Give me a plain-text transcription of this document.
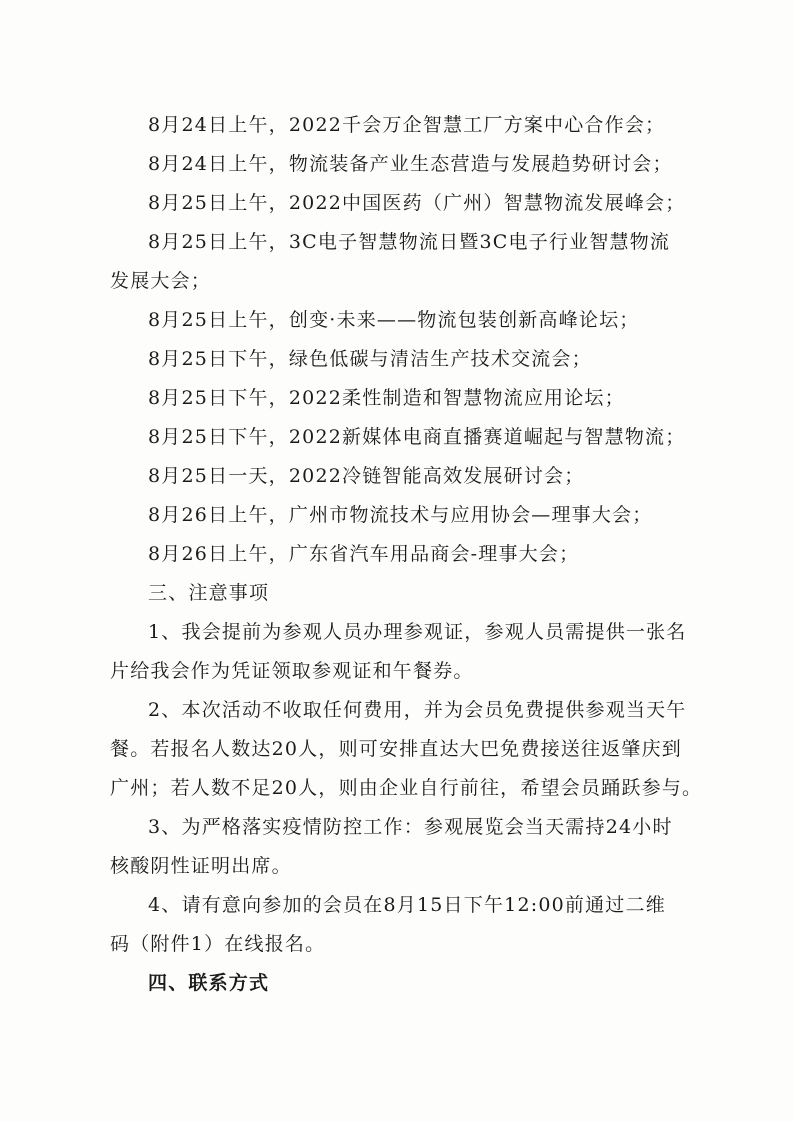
8月24日上午，2022千会万企智慧工厂方案中心合作会；
8月24日上午，物流装备产业生态营造与发展趋势研讨会；
8月25日上午，2022中国医药（广州）智慧物流发展峰会；
8月25日上午，3C电子智慧物流日暨3C电子行业智慧物流
发展大会；
8月25日上午，创变·未来——物流包装创新高峰论坛；
8月25日下午，绿色低碳与清洁生产技术交流会；
8月25日下午，2022柔性制造和智慧物流应用论坛；
8月25日下午，2022新媒体电商直播赛道崛起与智慧物流；
8月25日一天，2022冷链智能高效发展研讨会；
8月26日上午，广州市物流技术与应用协会—理事大会；
8月26日上午，广东省汽车用品商会-理事大会；
三、注意事项
1、我会提前为参观人员办理参观证，参观人员需提供一张名
片给我会作为凭证领取参观证和午餐券。
2、本次活动不收取任何费用，并为会员免费提供参观当天午
餐。若报名人数达20人，则可安排直达大巴免费接送往返肇庆到
广州；若人数不足20人，则由企业自行前往，希望会员踊跃参与。
3、为严格落实疫情防控工作：参观展览会当天需持24小时
核酸阴性证明出席。
4、请有意向参加的会员在8月15日下午12:00前通过二维
码（附件1）在线报名。
四、联系方式
